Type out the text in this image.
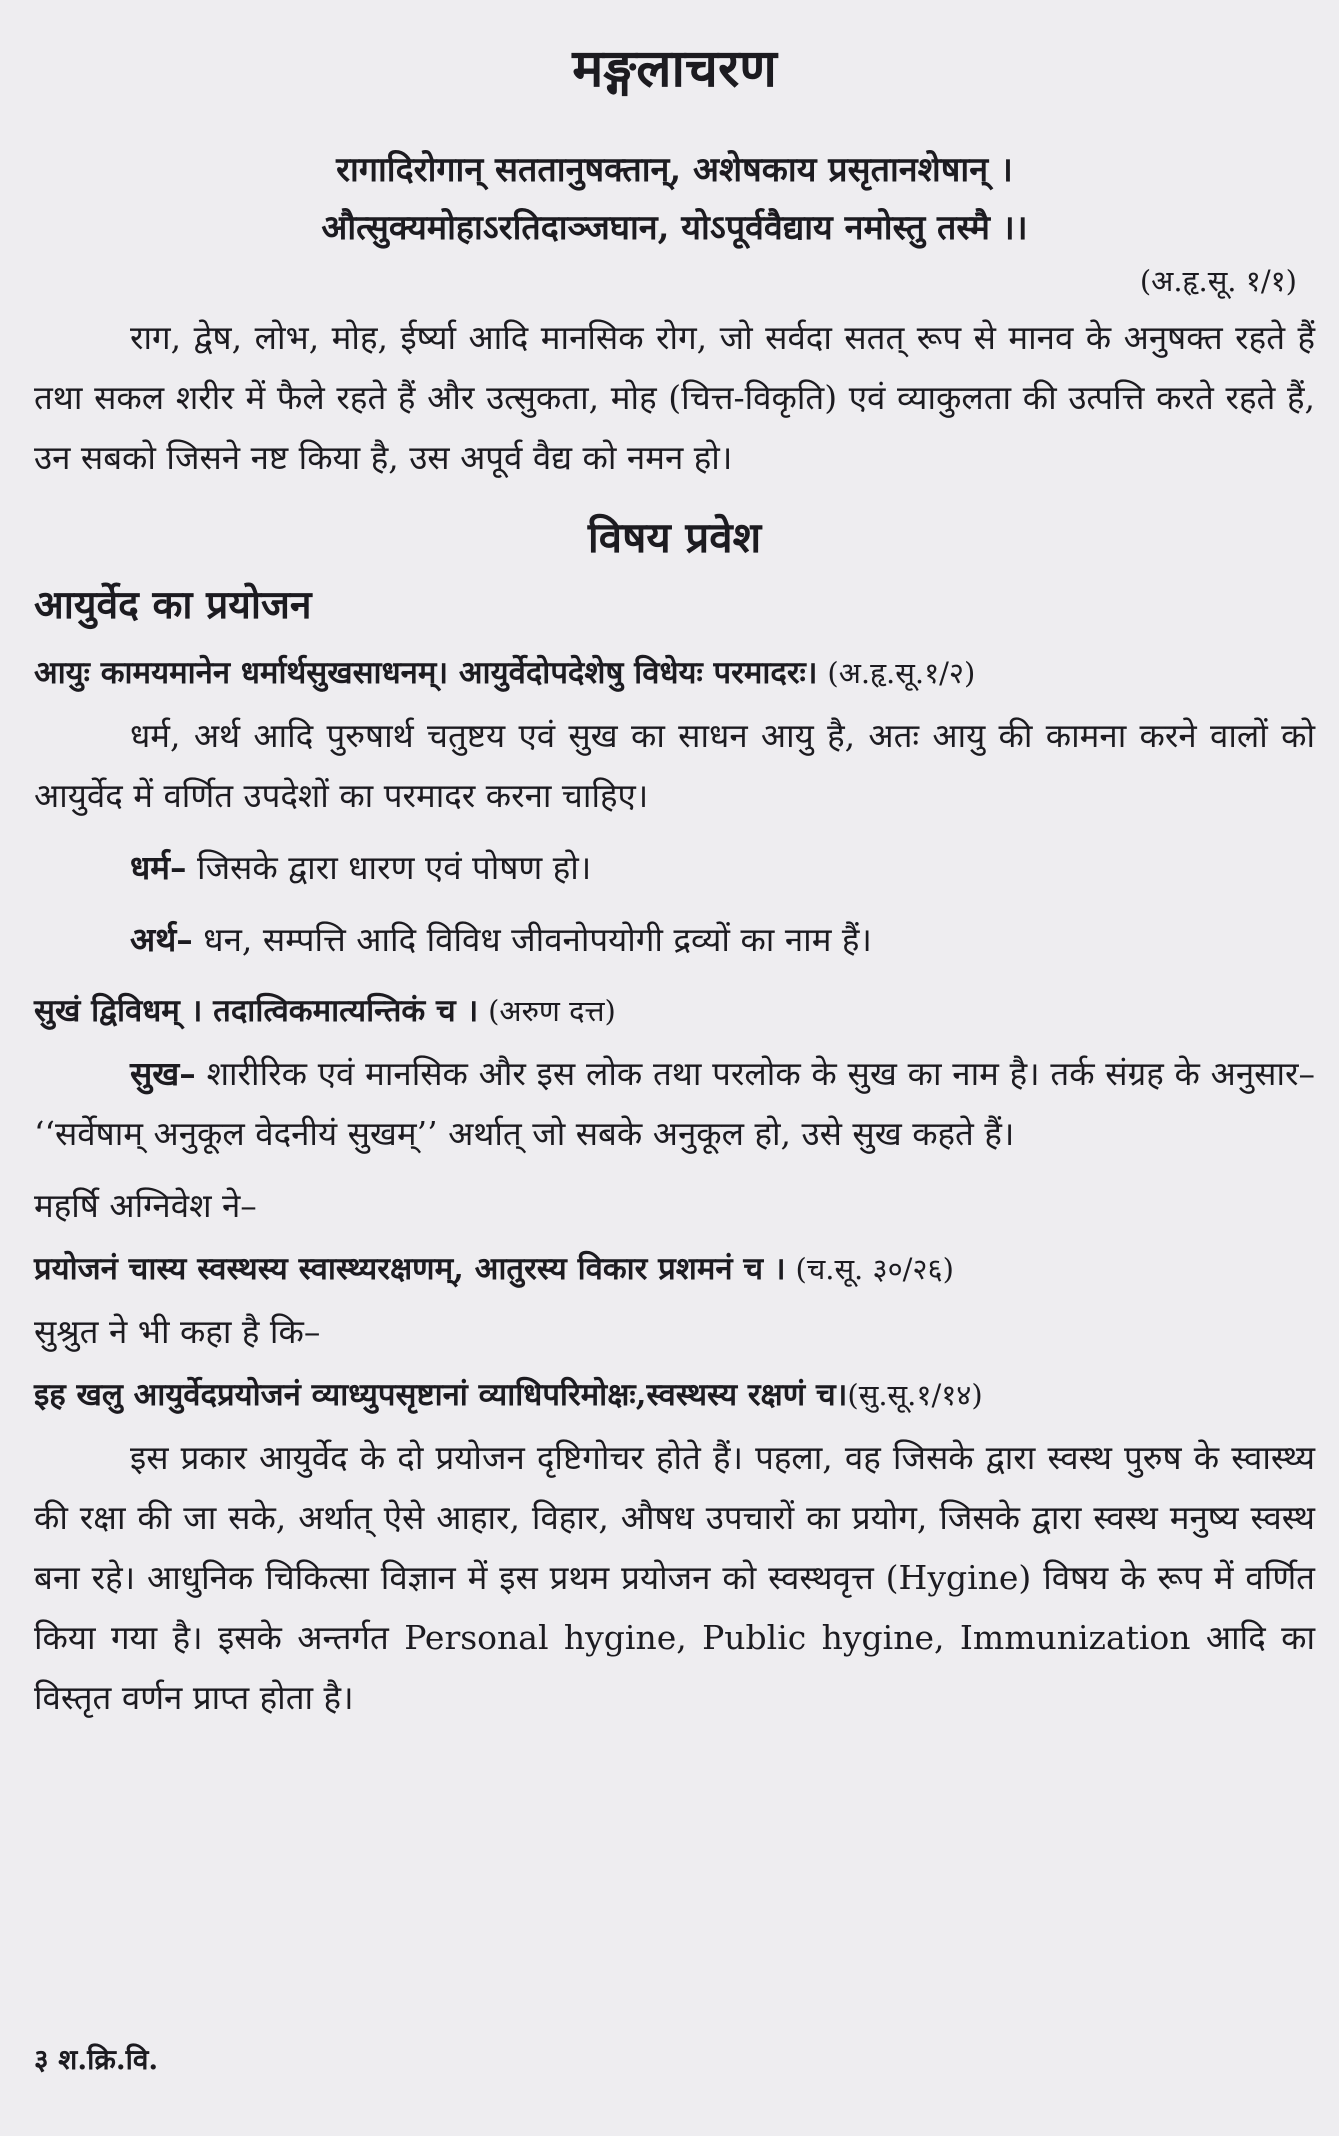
मङ्गलाचरण

रागादिरोगान् सततानुषक्तान्, अशेषकाय प्रसृतानशेषान् ।

औत्सुक्यमोहाऽरतिदाञ्जघान, योऽपूर्ववैद्याय नमोस्तु तस्मै ।।

(अ.हृ.सू. १/१)

राग, द्वेष, लोभ, मोह, ईर्ष्या आदि मानसिक रोग, जो सर्वदा सतत् रूप से मानव के अनुषक्त रहते हैं तथा सकल शरीर में फैले रहते हैं और उत्सुकता, मोह (चित्त-विकृति) एवं व्याकुलता की उत्पत्ति करते रहते हैं, उन सबको जिसने नष्ट किया है, उस अपूर्व वैद्य को नमन हो।

विषय प्रवेश
आयुर्वेद का प्रयोजन

आयुः कामयमानेन धर्मार्थसुखसाधनम्। आयुर्वेदोपदेशेषु विधेयः परमादरः। (अ.हृ.सू.१/२)

धर्म, अर्थ आदि पुरुषार्थ चतुष्टय एवं सुख का साधन आयु है, अतः आयु की कामना करने वालों को आयुर्वेद में वर्णित उपदेशों का परमादर करना चाहिए।

धर्म– जिसके द्वारा धारण एवं पोषण हो।

अर्थ– धन, सम्पत्ति आदि विविध जीवनोपयोगी द्रव्यों का नाम हैं।

सुखं द्विविधम् । तदात्विकमात्यन्तिकं च । (अरुण दत्त)

सुख– शारीरिक एवं मानसिक और इस लोक तथा परलोक के सुख का नाम है। तर्क संग्रह के अनुसार– ‘‘सर्वेषाम् अनुकूल वेदनीयं सुखम्’’ अर्थात् जो सबके अनुकूल हो, उसे सुख कहते हैं।

महर्षि अग्निवेश ने–

प्रयोजनं चास्य स्वस्थस्य स्वास्थ्यरक्षणम्, आतुरस्य विकार प्रशमनं च । (च.सू. ३०/२६)

सुश्रुत ने भी कहा है कि–

इह खलु आयुर्वेदप्रयोजनं व्याध्युपसृष्टानां व्याधिपरिमोक्षः,स्वस्थस्य रक्षणं च।(सु.सू.१/१४)

इस प्रकार आयुर्वेद के दो प्रयोजन दृष्टिगोचर होते हैं। पहला, वह जिसके द्वारा स्वस्थ पुरुष के स्वास्थ्य की रक्षा की जा सके, अर्थात् ऐसे आहार, विहार, औषध उपचारों का प्रयोग, जिसके द्वारा स्वस्थ मनुष्य स्वस्थ बना रहे। आधुनिक चिकित्सा विज्ञान में इस प्रथम प्रयोजन को स्वस्थवृत्त (Hygine) विषय के रूप में वर्णित किया गया है। इसके अन्तर्गत Personal hygine, Public hygine, Immunization आदि का विस्तृत वर्णन प्राप्त होता है।

३ श.क्रि.वि.
